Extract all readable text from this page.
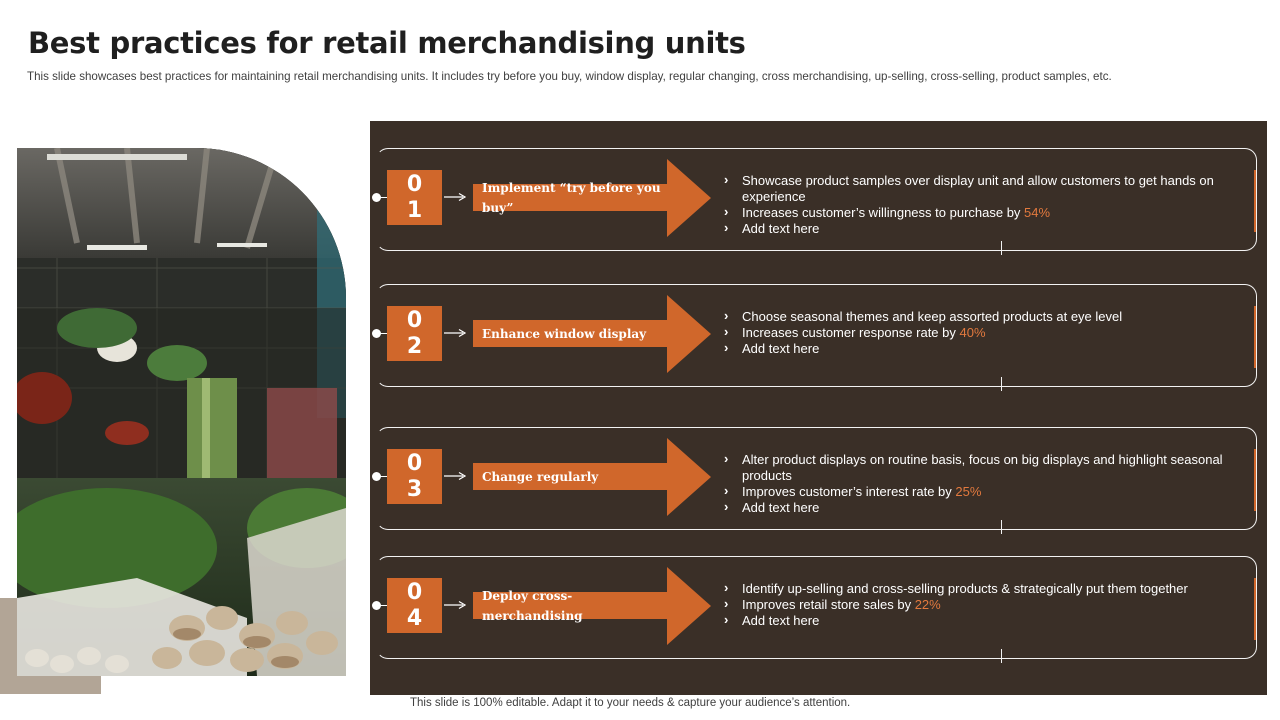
Best practices for retail merchandising units
This slide showcases best practices for maintaining retail merchandising units. It includes try before you buy, window display, regular changing, cross merchandising, up-selling, cross-selling, product samples, etc.
0
1
Implement “try before you buy”
› Showcase product samples over display unit and allow customers to get hands on experience
› Increases customer’s willingness to purchase by 54%
› Add text here
0
2	Enhance window display
› Choose seasonal themes and keep assorted products at eye level
› Increases customer response rate by 40%
› Add text here
0
3	Change regularly
› Alter product displays on routine basis, focus on big displays and highlight seasonal products
› Improves customer’s interest rate by 25%
› Add text here
0
4
Deploy cross-merchandising
› Identify up-selling and cross-selling products & strategically put them together
› Improves retail store sales by 22%
› Add text here
This slide is 100% editable. Adapt it to your needs & capture your audience’s attention.
